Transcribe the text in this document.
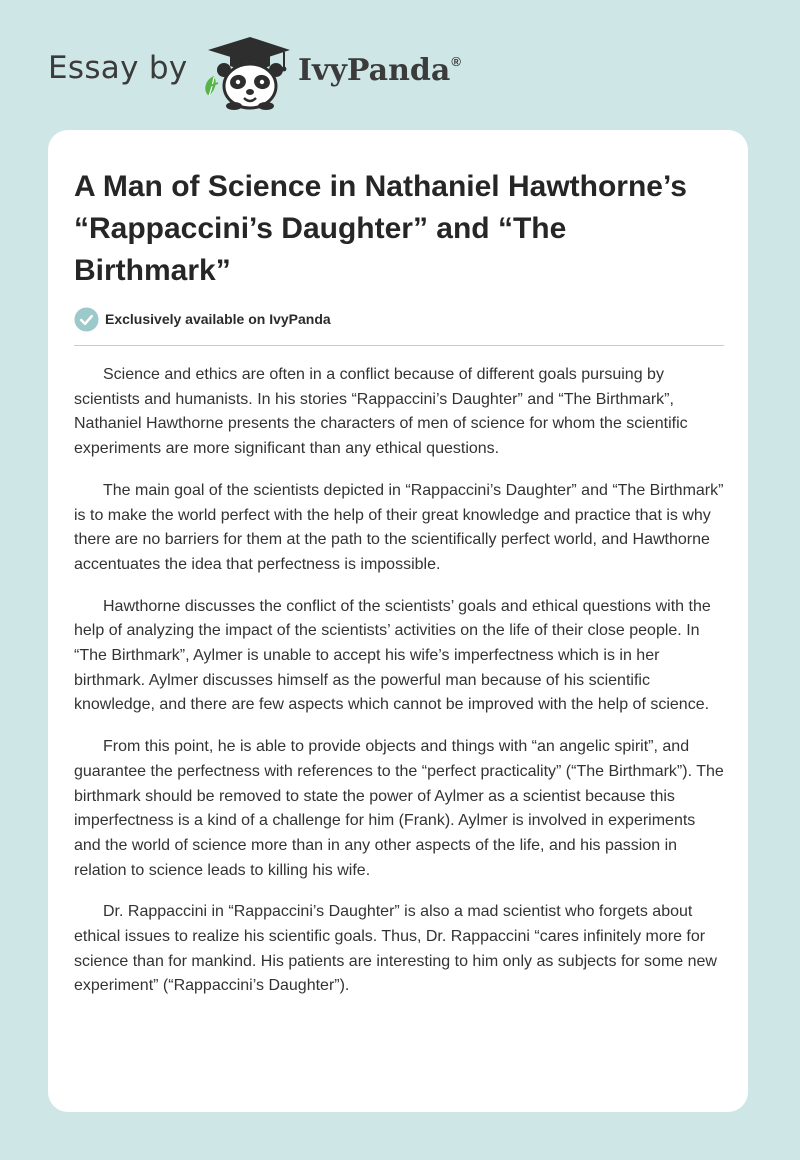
Essay by	IvyPanda®
A Man of Science in Nathaniel Hawthorne’s “Rappaccini’s Daughter” and “The Birthmark”
Exclusively available on IvyPanda

Science and ethics are often in a conflict because of different goals pursuing by scientists and humanists. In his stories “Rappaccini’s Daughter” and “The Birthmark”, Nathaniel Hawthorne presents the characters of men of science for whom the scientific experiments are more significant than any ethical questions.

The main goal of the scientists depicted in “Rappaccini’s Daughter” and “The Birthmark” is to make the world perfect with the help of their great knowledge and practice that is why there are no barriers for them at the path to the scientifically perfect world, and Hawthorne accentuates the idea that perfectness is impossible.

Hawthorne discusses the conflict of the scientists’ goals and ethical questions with the help of analyzing the impact of the scientists’ activities on the life of their close people. In “The Birthmark”, Aylmer is unable to accept his wife’s imperfectness which is in her birthmark. Aylmer discusses himself as the powerful man because of his scientific knowledge, and there are few aspects which cannot be improved with the help of science.

From this point, he is able to provide objects and things with “an angelic spirit”, and guarantee the perfectness with references to the “perfect practicality” (“The Birthmark”). The birthmark should be removed to state the power of Aylmer as a scientist because this imperfectness is a kind of a challenge for him (Frank). Aylmer is involved in experiments and the world of science more than in any other aspects of the life, and his passion in relation to science leads to killing his wife.

Dr. Rappaccini in “Rappaccini’s Daughter” is also a mad scientist who forgets about ethical issues to realize his scientific goals. Thus, Dr. Rappaccini “cares infinitely more for science than for mankind. His patients are interesting to him only as subjects for some new experiment” (“Rappaccini’s Daughter”).
